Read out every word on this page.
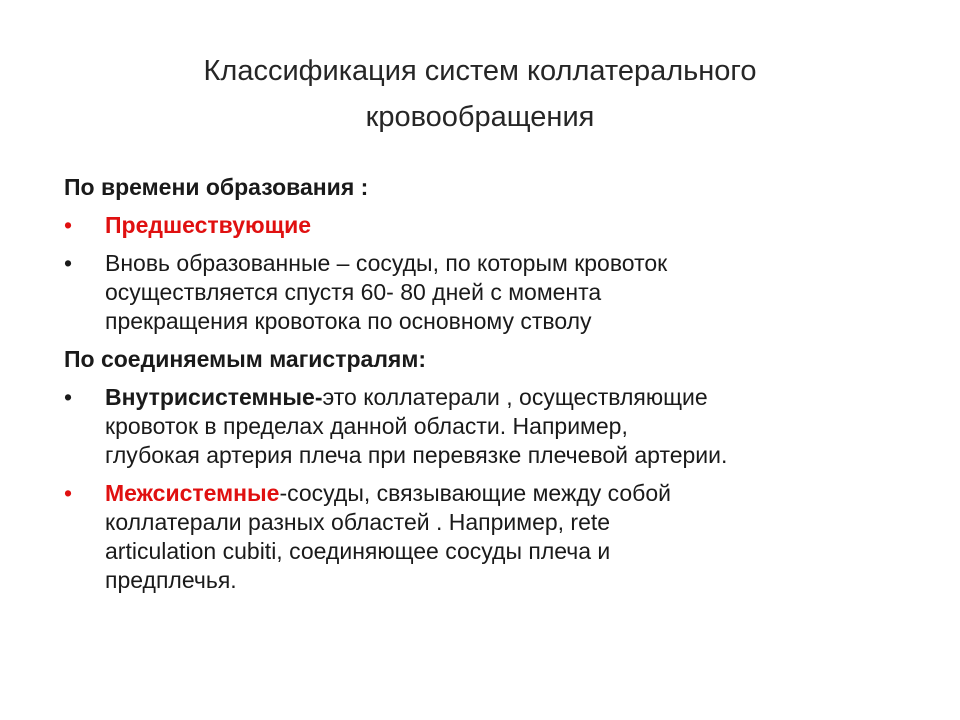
Классификация систем коллатерального
кровообращения
По времени образования :
•	Предшествующие
•	Вновь образованные – сосуды, по которым кровоток
осуществляется спустя 60- 80 дней с момента
прекращения кровотока по основному стволу
По соединяемым магистралям:
•	Внутрисистемные-это коллатерали , осуществляющие
кровоток в пределах данной области. Например,
глубокая артерия плеча при перевязке плечевой артерии.
•	Межсистемные-сосуды, связывающие между собой
коллатерали разных областей . Например, rete
articulation cubiti, соединяющее сосуды плеча и
предплечья.
